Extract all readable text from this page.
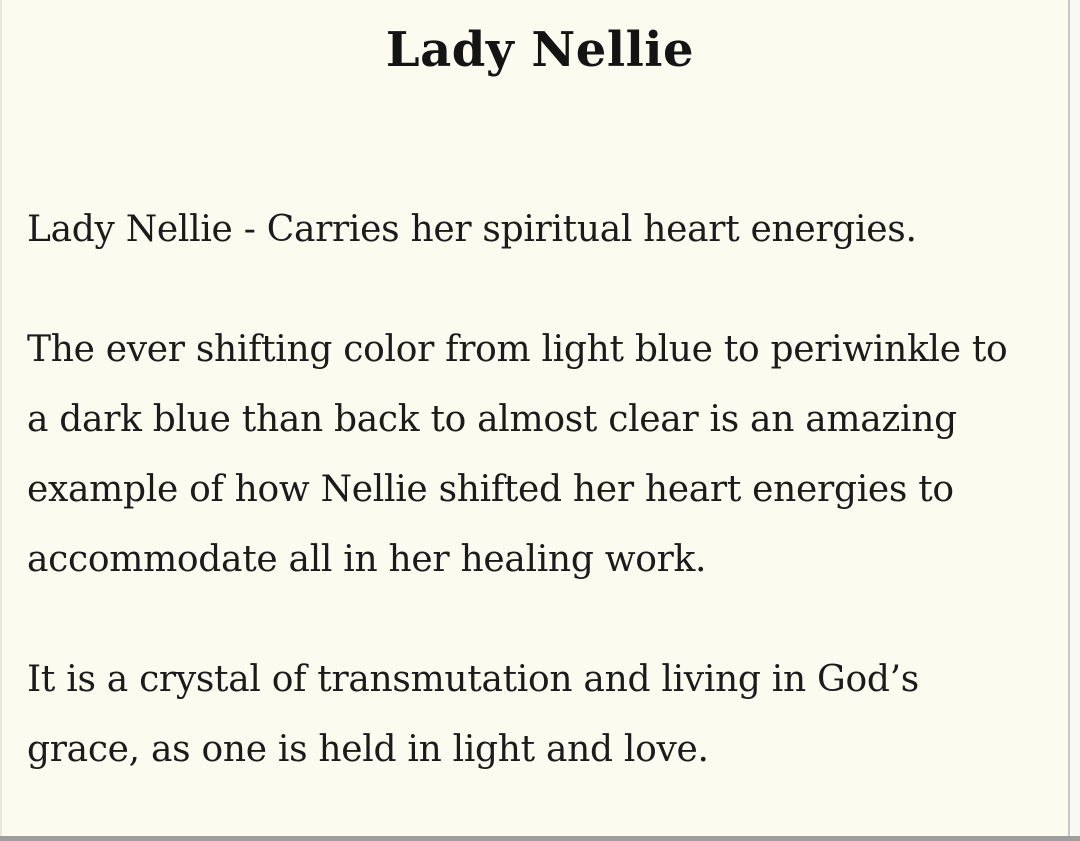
Lady Nellie

Lady Nellie - Carries her spiritual heart energies.

The ever shifting color from light blue to periwinkle to
a dark blue than back to almost clear is an amazing
example of how Nellie shifted her heart energies to
accommodate all in her healing work.

It is a crystal of transmutation and living in God’s
grace, as one is held in light and love.
